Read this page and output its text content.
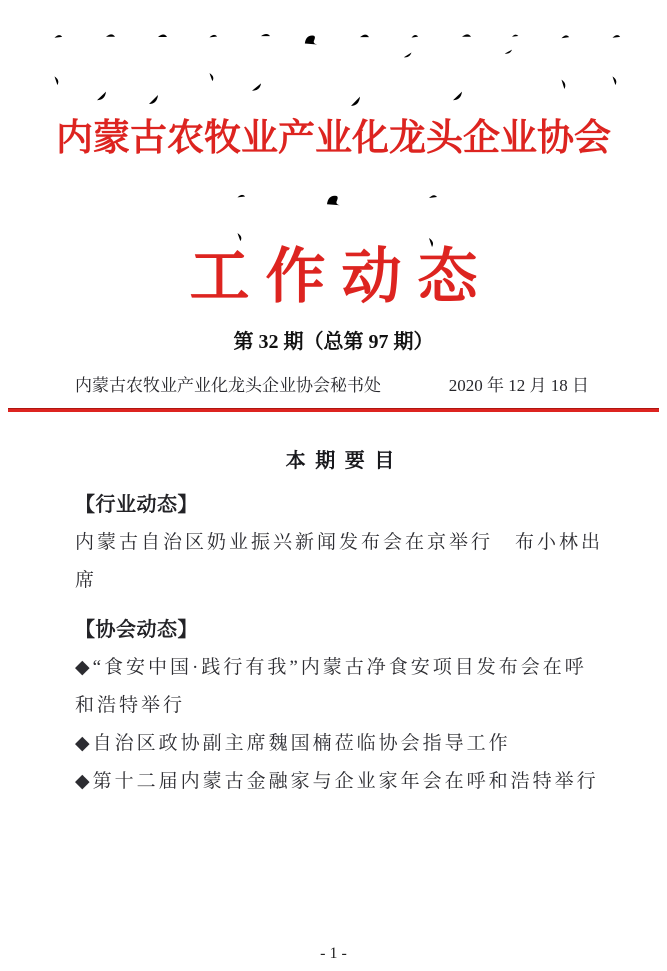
内蒙古农牧业产业化龙头企业协会
工作动态
第 32 期（总第 97 期）
内蒙古农牧业产业化龙头企业协会秘书处	2020 年 12 月 18 日
本 期 要 目
【行业动态】
内蒙古自治区奶业振兴新闻发布会在京举行　布小林出席
【协会动态】
◆“食安中国·践行有我”内蒙古净食安项目发布会在呼和浩特举行
◆自治区政协副主席魏国楠莅临协会指导工作
◆第十二届内蒙古金融家与企业家年会在呼和浩特举行
- 1 -
